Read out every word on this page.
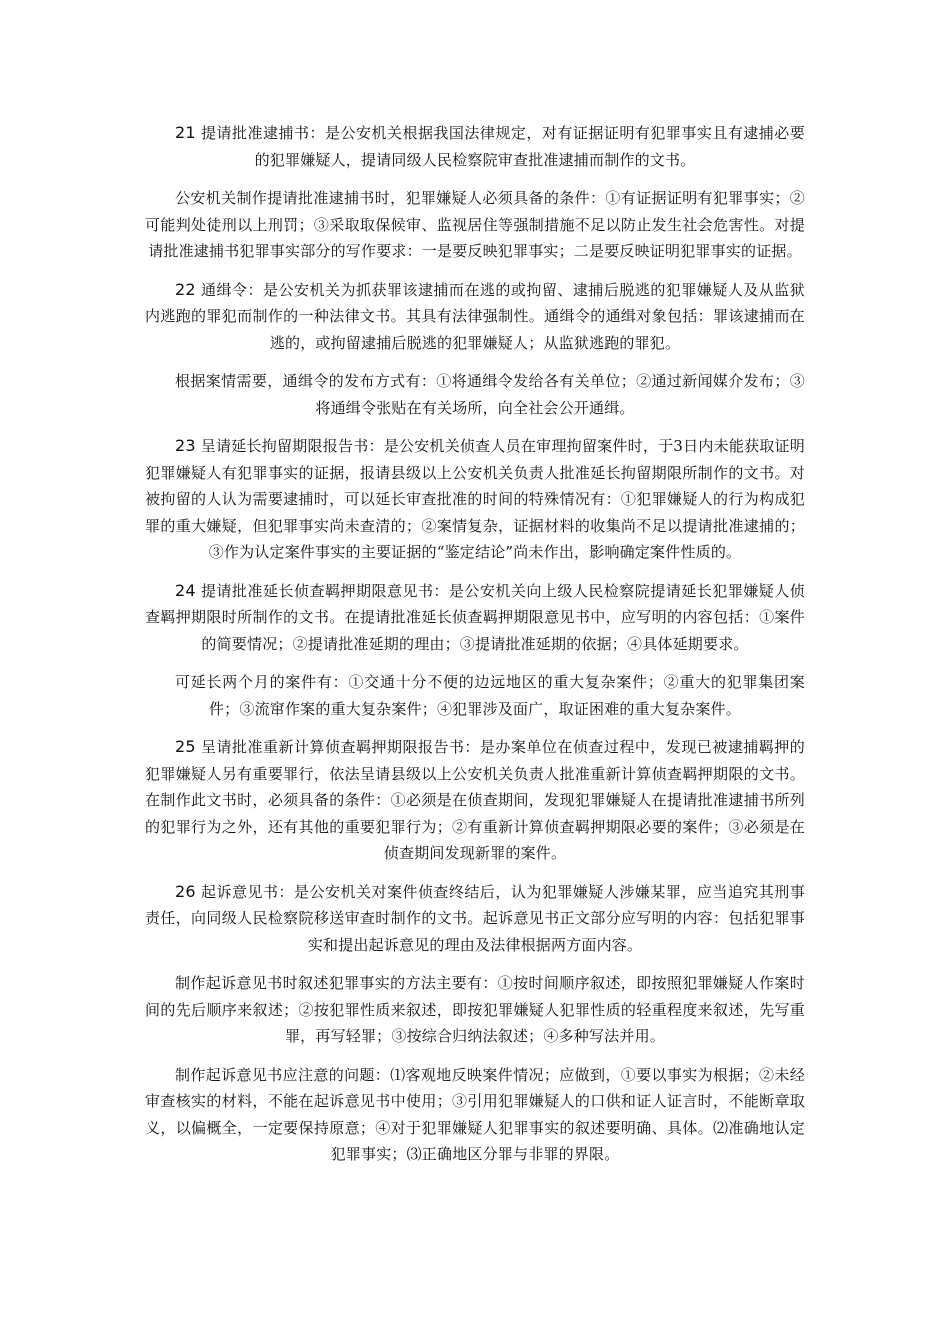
21 提请批准逮捕书：是公安机关根据我国法律规定，对有证据证明有犯罪事实且有逮捕必要的犯罪嫌疑人，提请同级人民检察院审查批准逮捕而制作的文书。

公安机关制作提请批准逮捕书时，犯罪嫌疑人必须具备的条件：①有证据证明有犯罪事实；②可能判处徒刑以上刑罚；③采取取保候审、监视居住等强制措施不足以防止发生社会危害性。对提请批准逮捕书犯罪事实部分的写作要求：一是要反映犯罪事实；二是要反映证明犯罪事实的证据。

22 通缉令：是公安机关为抓获罪该逮捕而在逃的或拘留、逮捕后脱逃的犯罪嫌疑人及从监狱内逃跑的罪犯而制作的一种法律文书。其具有法律强制性。通缉令的通缉对象包括：罪该逮捕而在逃的，或拘留逮捕后脱逃的犯罪嫌疑人；从监狱逃跑的罪犯。

根据案情需要，通缉令的发布方式有：①将通缉令发给各有关单位；②通过新闻媒介发布；③将通缉令张贴在有关场所，向全社会公开通缉。

23 呈请延长拘留期限报告书：是公安机关侦查人员在审理拘留案件时，于3日内未能获取证明犯罪嫌疑人有犯罪事实的证据，报请县级以上公安机关负责人批准延长拘留期限所制作的文书。对被拘留的人认为需要逮捕时，可以延长审查批准的时间的特殊情况有：①犯罪嫌疑人的行为构成犯罪的重大嫌疑，但犯罪事实尚未查清的；②案情复杂，证据材料的收集尚不足以提请批准逮捕的；③作为认定案件事实的主要证据的“鉴定结论”尚未作出，影响确定案件性质的。

24 提请批准延长侦查羁押期限意见书：是公安机关向上级人民检察院提请延长犯罪嫌疑人侦查羁押期限时所制作的文书。在提请批准延长侦查羁押期限意见书中，应写明的内容包括：①案件的简要情况；②提请批准延期的理由；③提请批准延期的依据；④具体延期要求。

可延长两个月的案件有：①交通十分不便的边远地区的重大复杂案件；②重大的犯罪集团案件；③流窜作案的重大复杂案件；④犯罪涉及面广，取证困难的重大复杂案件。

25 呈请批准重新计算侦查羁押期限报告书：是办案单位在侦查过程中，发现已被逮捕羁押的犯罪嫌疑人另有重要罪行，依法呈请县级以上公安机关负责人批准重新计算侦查羁押期限的文书。在制作此文书时，必须具备的条件：①必须是在侦查期间，发现犯罪嫌疑人在提请批准逮捕书所列的犯罪行为之外，还有其他的重要犯罪行为；②有重新计算侦查羁押期限必要的案件；③必须是在侦查期间发现新罪的案件。

26 起诉意见书：是公安机关对案件侦查终结后，认为犯罪嫌疑人涉嫌某罪，应当追究其刑事责任，向同级人民检察院移送审查时制作的文书。起诉意见书正文部分应写明的内容：包括犯罪事实和提出起诉意见的理由及法律根据两方面内容。

制作起诉意见书时叙述犯罪事实的方法主要有：①按时间顺序叙述，即按照犯罪嫌疑人作案时间的先后顺序来叙述；②按犯罪性质来叙述，即按犯罪嫌疑人犯罪性质的轻重程度来叙述，先写重罪，再写轻罪；③按综合归纳法叙述；④多种写法并用。

制作起诉意见书应注意的问题：⑴客观地反映案件情况；应做到，①要以事实为根据；②未经审查核实的材料，不能在起诉意见书中使用；③引用犯罪嫌疑人的口供和证人证言时，不能断章取义，以偏概全，一定要保持原意；④对于犯罪嫌疑人犯罪事实的叙述要明确、具体。⑵准确地认定犯罪事实；⑶正确地区分罪与非罪的界限。
